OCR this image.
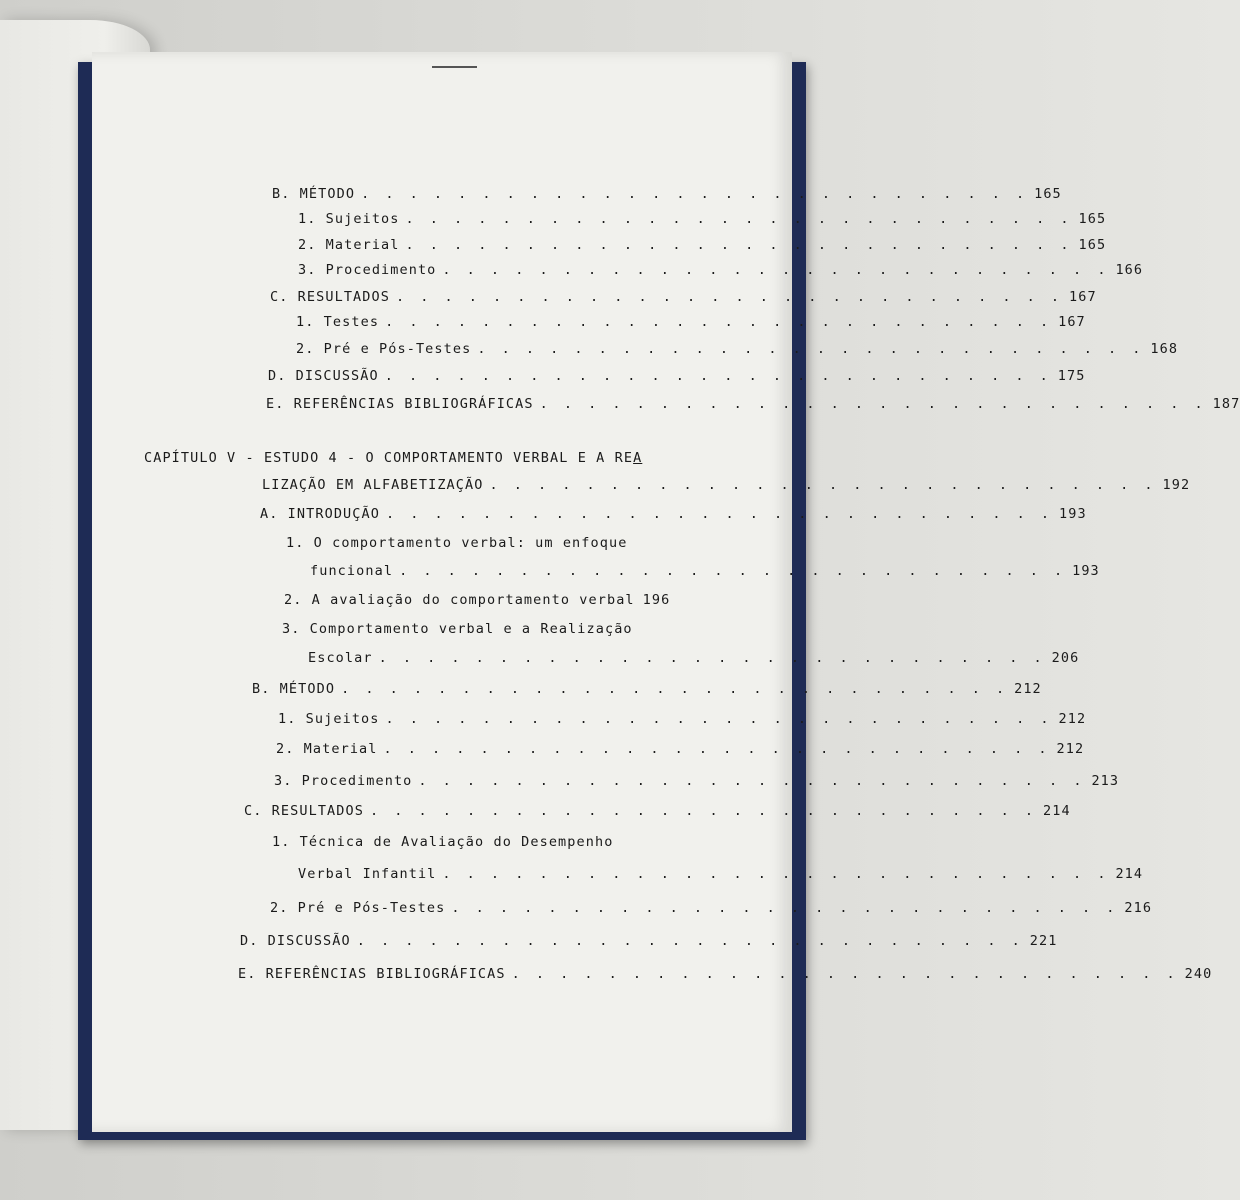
B. MÉTODO . . . . . . . . . . . . . . . . . . . . . . . . . . . . 165
1. Sujeitos . . . . . . . . . . . . . . . . . . . . . . . . . . . . 165
2. Material . . . . . . . . . . . . . . . . . . . . . . . . . . . . 165
3. Procedimento . . . . . . . . . . . . . . . . . . . . . . . . . . . . 166
C. RESULTADOS . . . . . . . . . . . . . . . . . . . . . . . . . . . . 167
1. Testes . . . . . . . . . . . . . . . . . . . . . . . . . . . . 167
2. Pré e Pós-Testes . . . . . . . . . . . . . . . . . . . . . . . . . . . . 168
D. DISCUSSÃO . . . . . . . . . . . . . . . . . . . . . . . . . . . . 175
E. REFERÊNCIAS BIBLIOGRÁFICAS . . . . . . . . . . . . . . . . . . . . . . . . . . . . 187
CAPÍTULO V - ESTUDO 4 - O COMPORTAMENTO VERBAL E A REA
LIZAÇÃO EM ALFABETIZAÇÃO . . . . . . . . . . . . . . . . . . . . . . . . . . . . 192
A. INTRODUÇÃO . . . . . . . . . . . . . . . . . . . . . . . . . . . . 193
1. O comportamento verbal: um enfoque
funcional . . . . . . . . . . . . . . . . . . . . . . . . . . . . 193
2. A avaliação do comportamento verbal 196
3. Comportamento verbal e a Realização
Escolar . . . . . . . . . . . . . . . . . . . . . . . . . . . . 206
B. MÉTODO . . . . . . . . . . . . . . . . . . . . . . . . . . . . 212
1. Sujeitos . . . . . . . . . . . . . . . . . . . . . . . . . . . . 212
2. Material . . . . . . . . . . . . . . . . . . . . . . . . . . . . 212
3. Procedimento . . . . . . . . . . . . . . . . . . . . . . . . . . . . 213
C. RESULTADOS . . . . . . . . . . . . . . . . . . . . . . . . . . . . 214
1. Técnica de Avaliação do Desempenho
Verbal Infantil . . . . . . . . . . . . . . . . . . . . . . . . . . . . 214
2. Pré e Pós-Testes . . . . . . . . . . . . . . . . . . . . . . . . . . . . 216
D. DISCUSSÃO . . . . . . . . . . . . . . . . . . . . . . . . . . . . 221
E. REFERÊNCIAS BIBLIOGRÁFICAS . . . . . . . . . . . . . . . . . . . . . . . . . . . . 240
